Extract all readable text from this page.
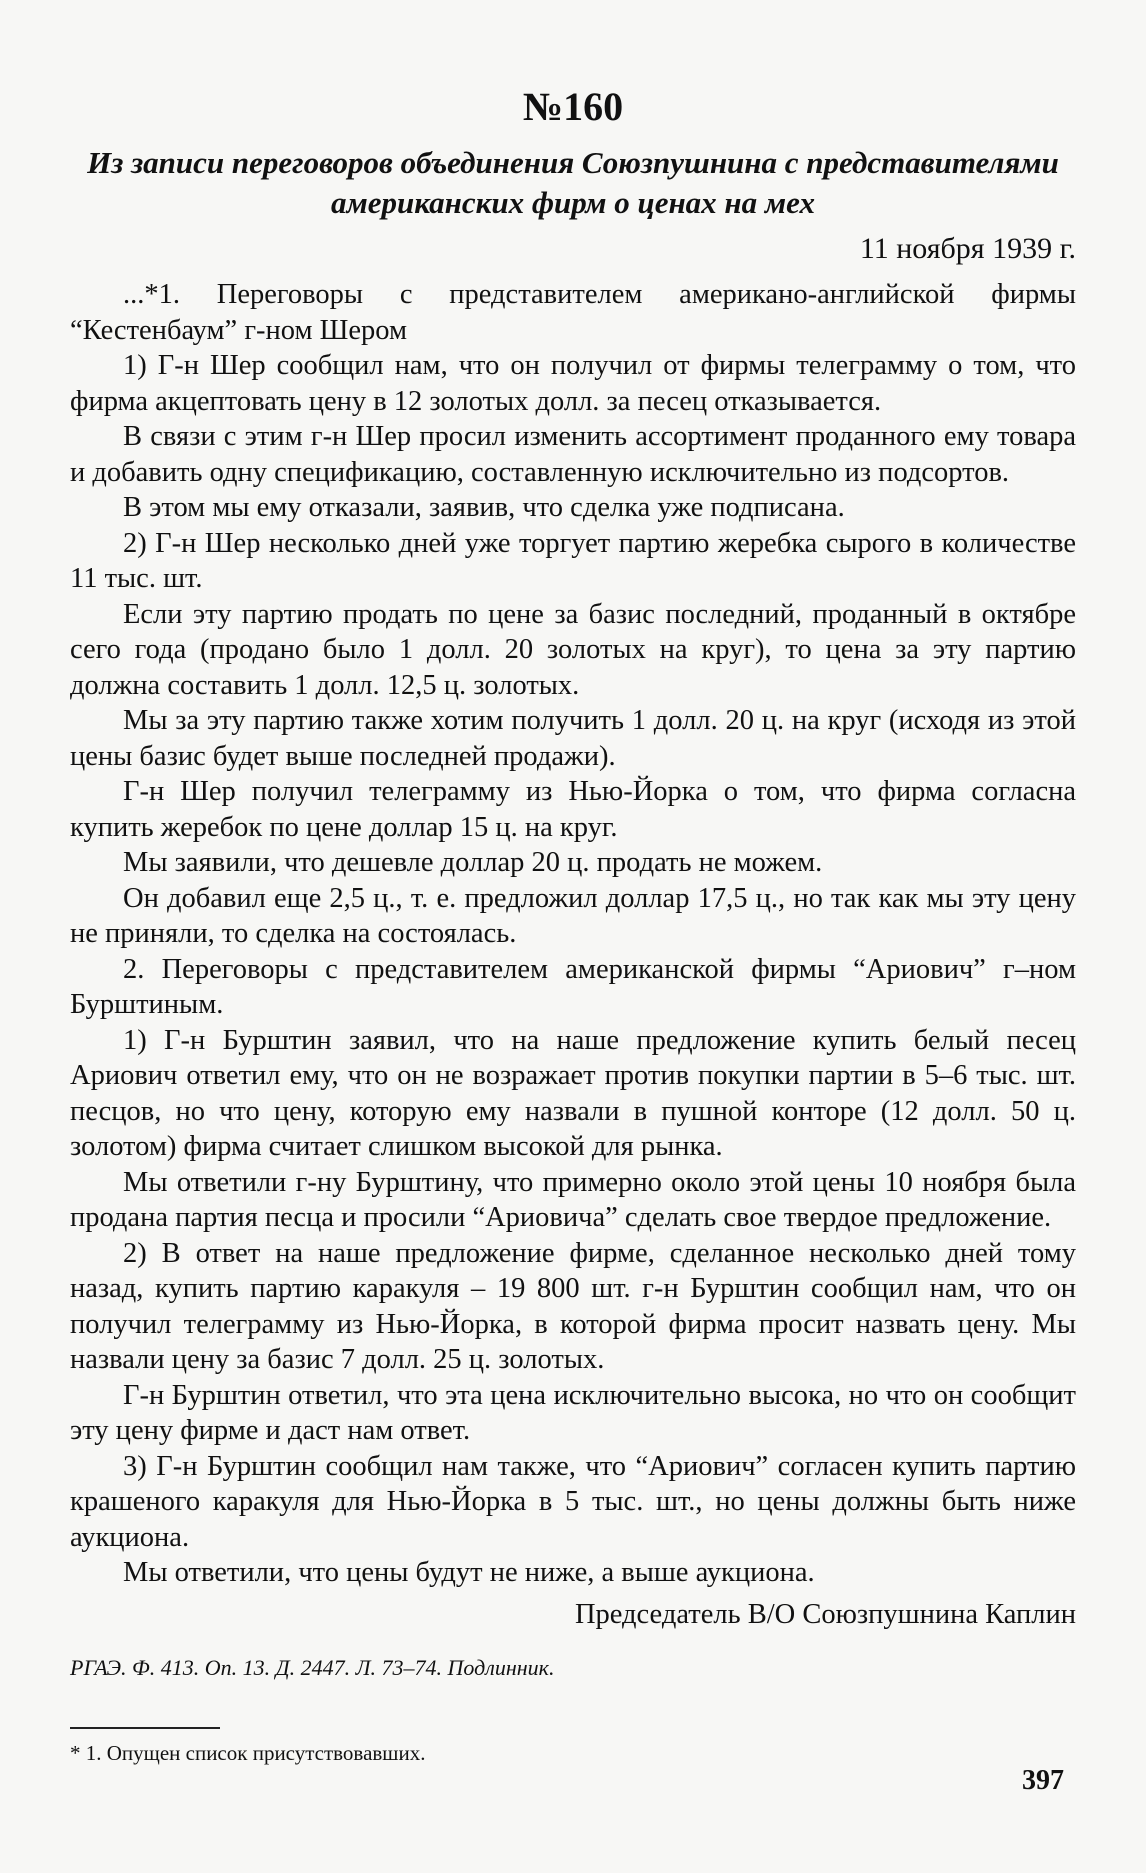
№160
Из записи переговоров объединения Союзпушнина с представителями американских фирм о ценах на мех
11 ноября 1939 г.

...*1. Переговоры с представителем американо-английской фирмы “Кестенбаум” г-ном Шером

1) Г-н Шер сообщил нам, что он получил от фирмы телеграмму о том, что фирма акцептовать цену в 12 золотых долл. за песец отказывается.

В связи с этим г-н Шер просил изменить ассортимент проданного ему товара и добавить одну спецификацию, составленную исключительно из подсортов.

В этом мы ему отказали, заявив, что сделка уже подписана.

2) Г-н Шер несколько дней уже торгует партию жеребка сырого в количестве 11 тыс. шт.

Если эту партию продать по цене за базис последний, проданный в октябре сего года (продано было 1 долл. 20 золотых на круг), то цена за эту партию должна составить 1 долл. 12,5 ц. золотых.

Мы за эту партию также хотим получить 1 долл. 20 ц. на круг (исходя из этой цены базис будет выше последней продажи).

Г-н Шер получил телеграмму из Нью-Йорка о том, что фирма согласна купить жеребок по цене доллар 15 ц. на круг.

Мы заявили, что дешевле доллар 20 ц. продать не можем.

Он добавил еще 2,5 ц., т. е. предложил доллар 17,5 ц., но так как мы эту цену не приняли, то сделка на состоялась.

2. Переговоры с представителем американской фирмы “Ариович” г–ном Бурштиным.

1) Г-н Бурштин заявил, что на наше предложение купить белый песец Ариович ответил ему, что он не возражает против покупки партии в 5–6 тыс. шт. песцов, но что цену, которую ему назвали в пушной конторе (12 долл. 50 ц. золотом) фирма считает слишком высокой для рынка.

Мы ответили г-ну Бурштину, что примерно около этой цены 10 ноября была продана партия песца и просили “Ариовича” сделать свое твердое предложение.

2) В ответ на наше предложение фирме, сделанное несколько дней тому назад, купить партию каракуля – 19 800 шт. г-н Бурштин сообщил нам, что он получил телеграмму из Нью-Йорка, в которой фирма просит назвать цену. Мы назвали цену за базис 7 долл. 25 ц. золотых.

Г-н Бурштин ответил, что эта цена исключительно высока, но что он сообщит эту цену фирме и даст нам ответ.

3) Г-н Бурштин сообщил нам также, что “Ариович” согласен купить партию крашеного каракуля для Нью-Йорка в 5 тыс. шт., но цены должны быть ниже аукциона.

Мы ответили, что цены будут не ниже, а выше аукциона.

Председатель В/О Союзпушнина Каплин
РГАЭ. Ф. 413. Оп. 13. Д. 2447. Л. 73–74. Подлинник.
* 1. Опущен список присутствовавших.
397
